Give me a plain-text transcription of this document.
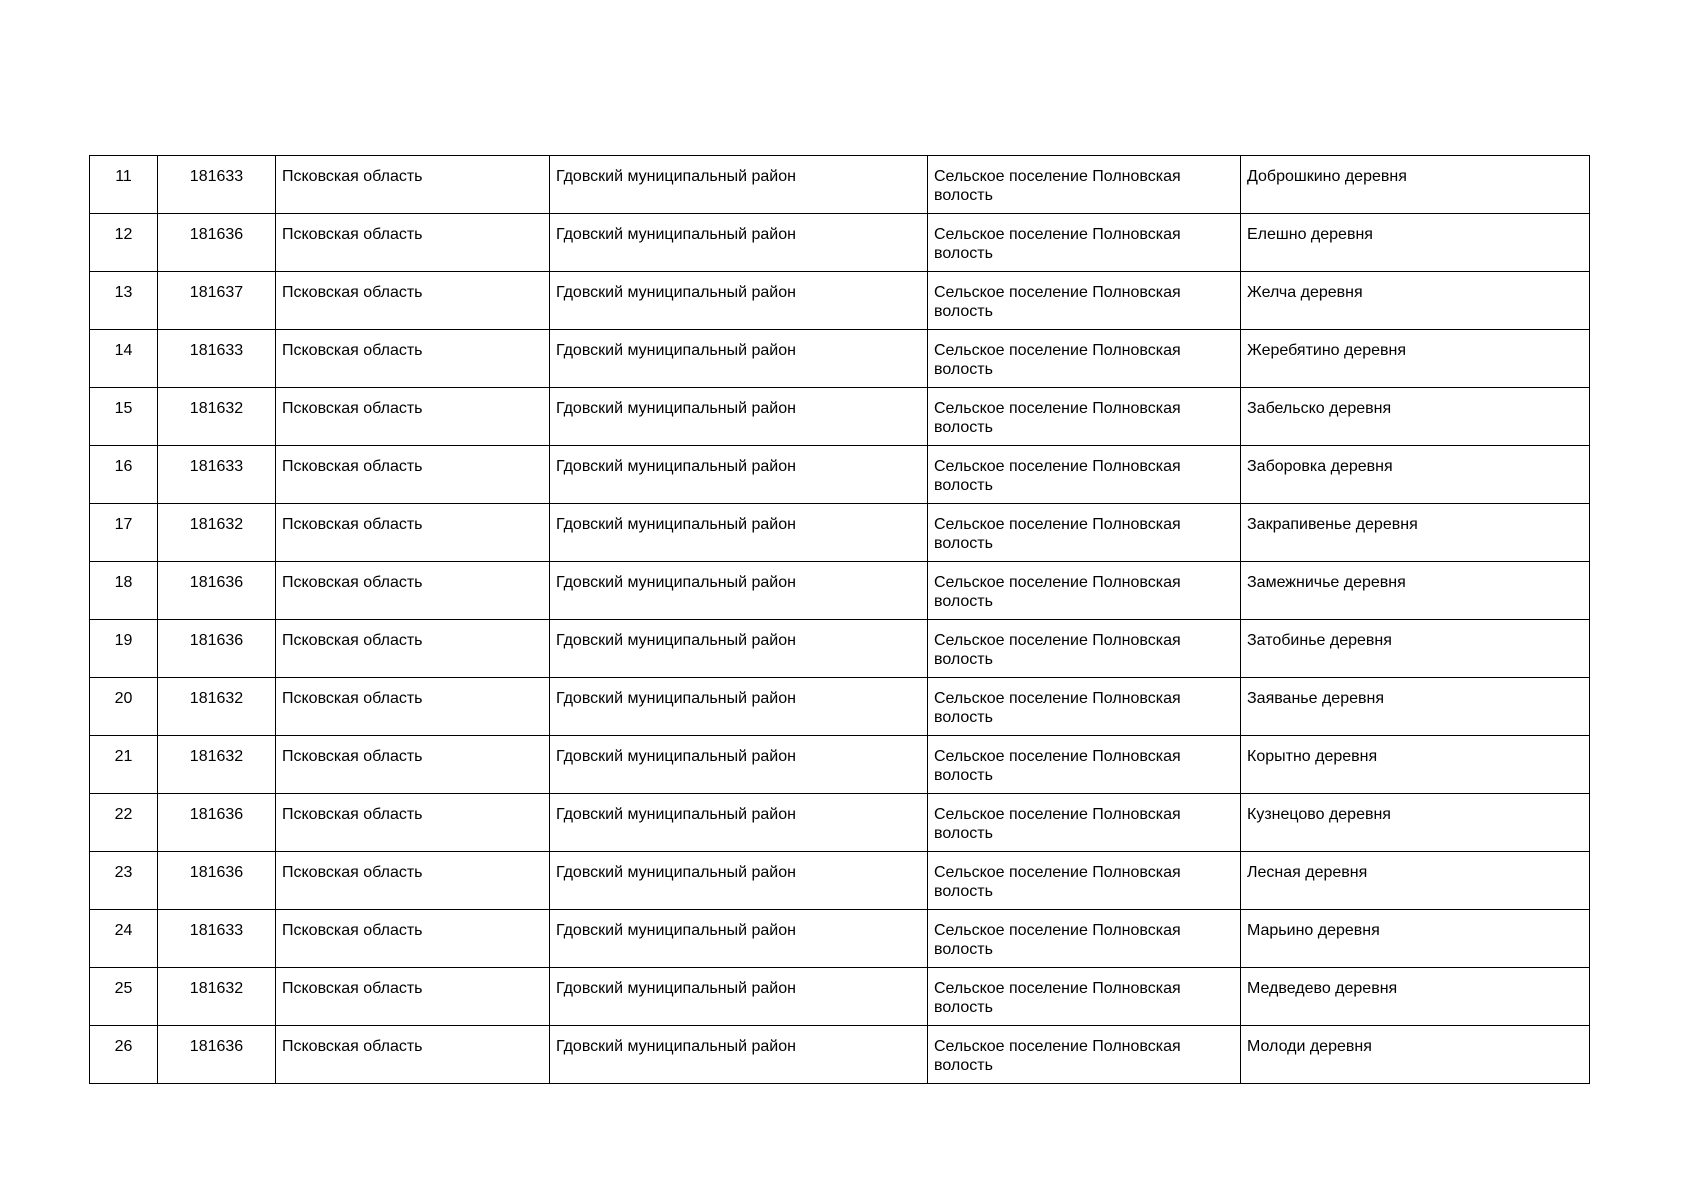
11	181633	Псковская область	Гдовский муниципальный район	Сельское поселение Полновская волость	Доброшкино деревня

12	181636	Псковская область	Гдовский муниципальный район	Сельское поселение Полновская волость	Елешно деревня

13	181637	Псковская область	Гдовский муниципальный район	Сельское поселение Полновская волость	Желча деревня

14	181633	Псковская область	Гдовский муниципальный район	Сельское поселение Полновская волость	Жеребятино деревня

15	181632	Псковская область	Гдовский муниципальный район	Сельское поселение Полновская волость	Забельско деревня

16	181633	Псковская область	Гдовский муниципальный район	Сельское поселение Полновская волость	Заборовка деревня

17	181632	Псковская область	Гдовский муниципальный район	Сельское поселение Полновская волость	Закрапивенье деревня

18	181636	Псковская область	Гдовский муниципальный район	Сельское поселение Полновская волость	Замежничье деревня

19	181636	Псковская область	Гдовский муниципальный район	Сельское поселение Полновская волость	Затобинье деревня

20	181632	Псковская область	Гдовский муниципальный район	Сельское поселение Полновская волость	Заяванье деревня

21	181632	Псковская область	Гдовский муниципальный район	Сельское поселение Полновская волость	Корытно деревня

22	181636	Псковская область	Гдовский муниципальный район	Сельское поселение Полновская волость	Кузнецово деревня

23	181636	Псковская область	Гдовский муниципальный район	Сельское поселение Полновская волость	Лесная деревня

24	181633	Псковская область	Гдовский муниципальный район	Сельское поселение Полновская волость	Марьино деревня

25	181632	Псковская область	Гдовский муниципальный район	Сельское поселение Полновская волость	Медведево деревня

26	181636	Псковская область	Гдовский муниципальный район	Сельское поселение Полновская волость	Молоди деревня
